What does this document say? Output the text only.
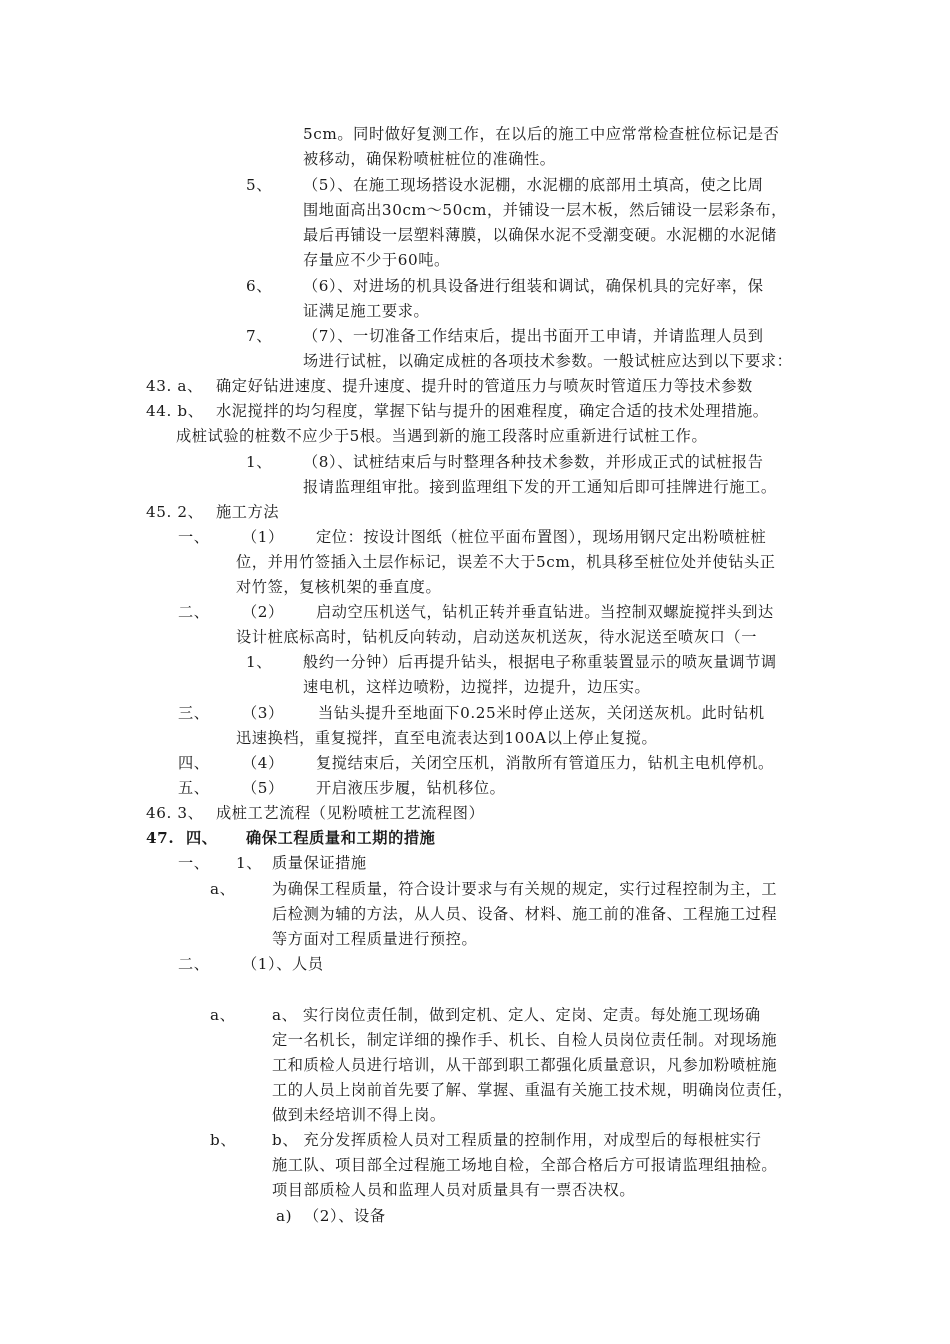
5cm。同时做好复测工作，在以后的施工中应常常检查桩位标记是否
被移动，确保粉喷桩桩位的准确性。
5、 （5）、在施工现场搭设水泥棚，水泥棚的底部用土填高，使之比周
围地面高出30cm～50cm，并铺设一层木板，然后铺设一层彩条布，
最后再铺设一层塑料薄膜，以确保水泥不受潮变硬。水泥棚的水泥储
存量应不少于60吨。
6、 （6）、对进场的机具设备进行组装和调试，确保机具的完好率，保
证满足施工要求。
7、 （7）、一切准备工作结束后，提出书面开工申请，并请监理人员到
场进行试桩，以确定成桩的各项技术参数。一般试桩应达到以下要求：
43. a、 确定好钻进速度、提升速度、提升时的管道压力与喷灰时管道压力等技术参数
44. b、 水泥搅拌的均匀程度，掌握下钻与提升的困难程度，确定合适的技术处理措施。
成桩试验的桩数不应少于5根。当遇到新的施工段落时应重新进行试桩工作。
1、 （8）、试桩结束后与时整理各种技术参数，并形成正式的试桩报告
报请监理组审批。接到监理组下发的开工通知后即可挂牌进行施工。
45. 2、 施工方法
一、 （1） 定位：按设计图纸（桩位平面布置图），现场用钢尺定出粉喷桩桩
位，并用竹签插入土层作标记，误差不大于5cm，机具移至桩位处并使钻头正
对竹签，复核机架的垂直度。
二、 （2） 启动空压机送气，钻机正转并垂直钻进。当控制双螺旋搅拌头到达
设计桩底标高时，钻机反向转动，启动送灰机送灰，待水泥送至喷灰口（一
1、 般约一分钟）后再提升钻头，根据电子称重装置显示的喷灰量调节调
速电机，这样边喷粉，边搅拌，边提升，边压实。
三、 （3） 当钻头提升至地面下0.25米时停止送灰，关闭送灰机。此时钻机
迅速换档，重复搅拌，直至电流表达到100A以上停止复搅。
四、 （4） 复搅结束后，关闭空压机，消散所有管道压力，钻机主电机停机。
五、 （5） 开启液压步履，钻机移位。
46. 3、 成桩工艺流程（见粉喷桩工艺流程图）
47. 四、 确保工程质量和工期的措施
一、 1、 质量保证措施
a、 为确保工程质量，符合设计要求与有关规的规定，实行过程控制为主，工
后检测为辅的方法，从人员、设备、材料、施工前的准备、工程施工过程
等方面对工程质量进行预控。
二、 （1）、人员
a、 a、 实行岗位责任制，做到定机、定人、定岗、定责。每处施工现场确
定一名机长，制定详细的操作手、机长、自检人员岗位责任制。对现场施
工和质检人员进行培训，从干部到职工都强化质量意识，凡参加粉喷桩施
工的人员上岗前首先要了解、掌握、重温有关施工技术规，明确岗位责任，
做到未经培训不得上岗。
b、 b、 充分发挥质检人员对工程质量的控制作用，对成型后的每根桩实行
施工队、项目部全过程施工场地自检，全部合格后方可报请监理组抽检。
项目部质检人员和监理人员对质量具有一票否决权。
a) （2）、设备
